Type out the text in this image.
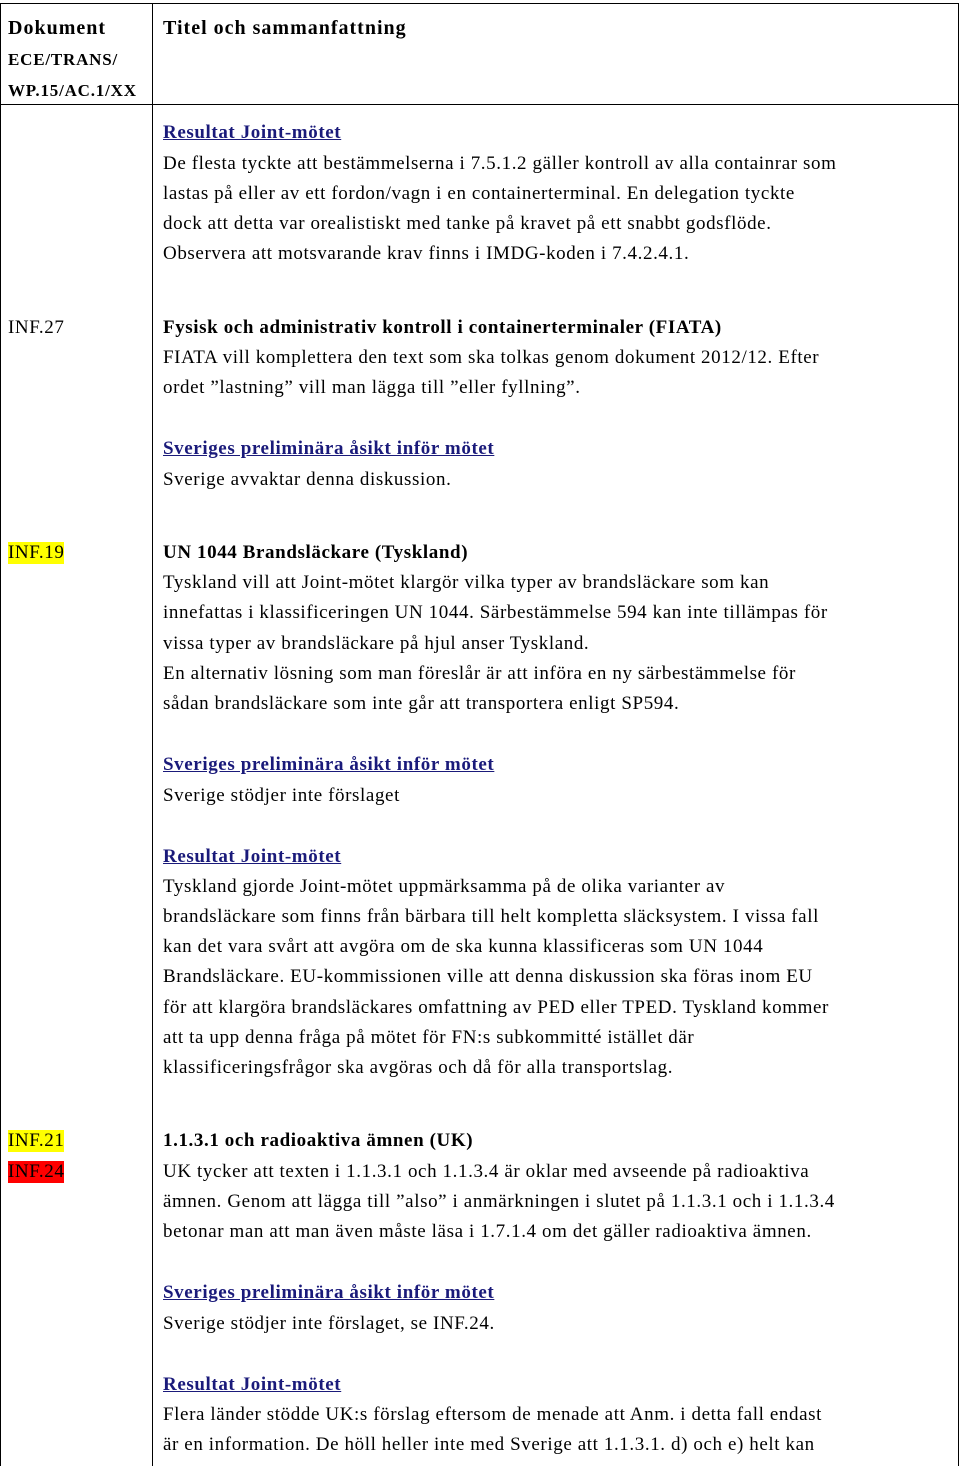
Dokument
ECE/TRANS/
WP.15/AC.1/XX
Titel och sammanfattning
Resultat Joint-mötet
De flesta tyckte att bestämmelserna i 7.5.1.2 gäller kontroll av alla containrar som
lastas på eller av ett fordon/vagn i en containerterminal. En delegation tyckte
dock att detta var orealistiskt med tanke på kravet på ett snabbt godsflöde.
Observera att motsvarande krav finns i IMDG-koden i 7.4.2.4.1.
INF.27	Fysisk och administrativ kontroll i containerterminaler (FIATA)
FIATA vill komplettera den text som ska tolkas genom dokument 2012/12. Efter
ordet ”lastning” vill man lägga till ”eller fyllning”.
Sveriges preliminära åsikt inför mötet
Sverige avvaktar denna diskussion.
INF.19	UN 1044 Brandsläckare (Tyskland)
Tyskland vill att Joint-mötet klargör vilka typer av brandsläckare som kan
innefattas i klassificeringen UN 1044. Särbestämmelse 594 kan inte tillämpas för
vissa typer av brandsläckare på hjul anser Tyskland.
En alternativ lösning som man föreslår är att införa en ny särbestämmelse för
sådan brandsläckare som inte går att transportera enligt SP594.
Sveriges preliminära åsikt inför mötet
Sverige stödjer inte förslaget
Resultat Joint-mötet
Tyskland gjorde Joint-mötet uppmärksamma på de olika varianter av
brandsläckare som finns från bärbara till helt kompletta släcksystem. I vissa fall
kan det vara svårt att avgöra om de ska kunna klassificeras som UN 1044
Brandsläckare. EU-kommissionen ville att denna diskussion ska föras inom EU
för att klargöra brandsläckares omfattning av PED eller TPED. Tyskland kommer
att ta upp denna fråga på mötet för FN:s subkommitté istället där
klassificeringsfrågor ska avgöras och då för alla transportslag.
INF.21
INF.24
1.1.3.1 och radioaktiva ämnen (UK)
UK tycker att texten i 1.1.3.1 och 1.1.3.4 är oklar med avseende på radioaktiva
ämnen. Genom att lägga till ”also” i anmärkningen i slutet på 1.1.3.1 och i 1.1.3.4
betonar man att man även måste läsa i 1.7.1.4 om det gäller radioaktiva ämnen.
Sveriges preliminära åsikt inför mötet
Sverige stödjer inte förslaget, se INF.24.
Resultat Joint-mötet
Flera länder stödde UK:s förslag eftersom de menade att Anm. i detta fall endast
är en information. De höll heller inte med Sverige att 1.1.3.1. d) och e) helt kan
